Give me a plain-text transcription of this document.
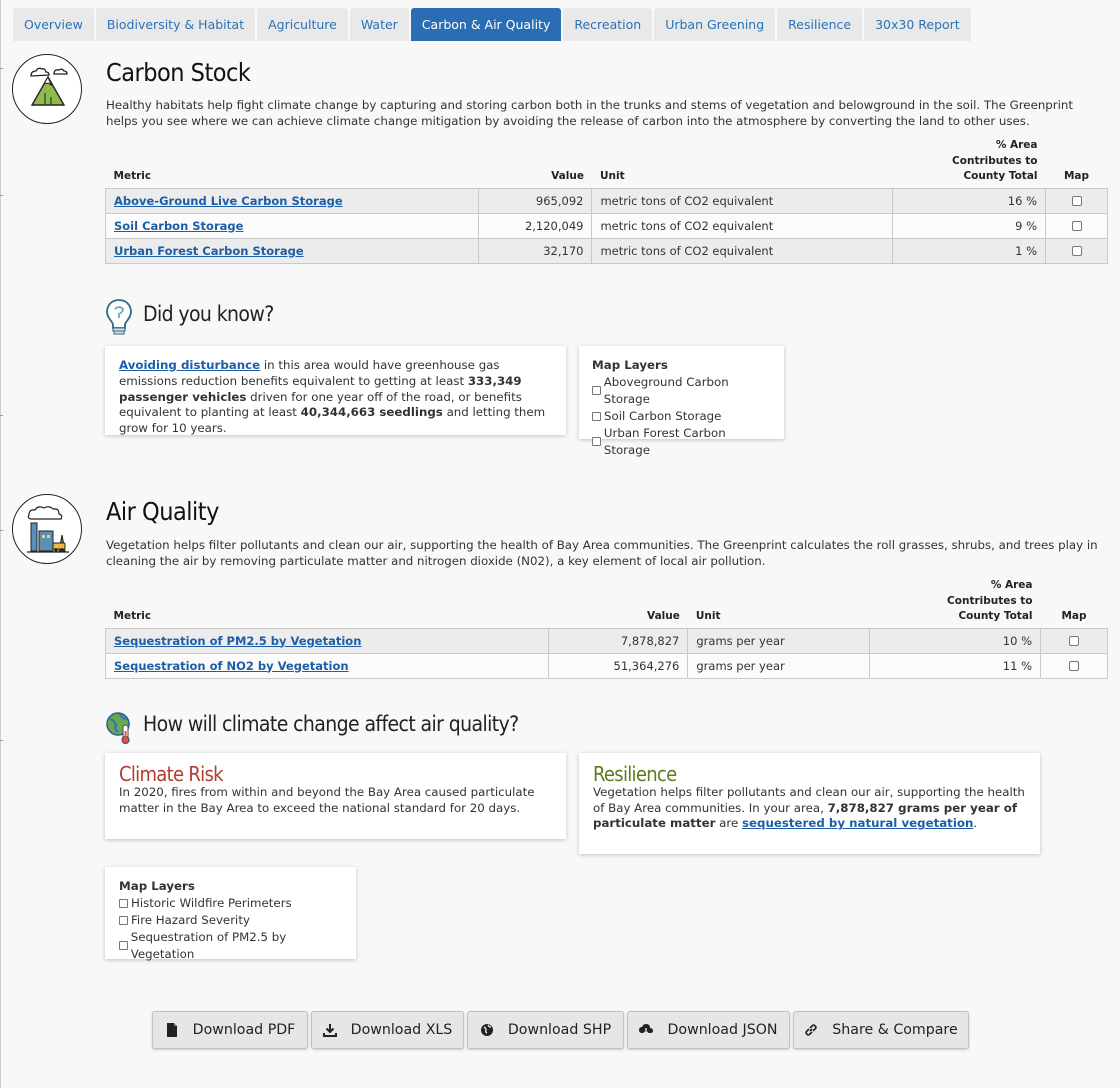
Overview	Biodiversity & Habitat	Agriculture	Water	Carbon & Air Quality	Recreation	Urban Greening	Resilience	30x30 Report
Carbon Stock

Healthy habitats help fight climate change by capturing and storing carbon both in the trunks and stems of vegetation and belowground in the soil. The Greenprint helps you see where we can achieve climate change mitigation by avoiding the release of carbon into the atmosphere by converting the land to other uses.

Metric	Value	Unit	% Area
Contributes to
County Total	Map
Above-Ground Live Carbon Storage	965,092	metric tons of CO2 equivalent	16 %	
Soil Carbon Storage	2,120,049	metric tons of CO2 equivalent	9 %	
Urban Forest Carbon Storage	32,170	metric tons of CO2 equivalent	1 %	
Did you know?
Avoiding disturbance in this area would have greenhouse gas emissions reduction benefits equivalent to getting at least 333,349 passenger vehicles driven for one year off of the road, or benefits equivalent to planting at least 40,344,663 seedlings and letting them grow for 10 years.
Map Layers
Aboveground Carbon Storage
Soil Carbon Storage
Urban Forest Carbon Storage
Air Quality

Vegetation helps filter pollutants and clean our air, supporting the health of Bay Area communities. The Greenprint calculates the roll grasses, shrubs, and trees play in cleaning the air by removing particulate matter and nitrogen dioxide (N02), a key element of local air pollution.

Metric	Value	Unit	% Area
Contributes to
County Total	Map
Sequestration of PM2.5 by Vegetation	7,878,827	grams per year	10 %	
Sequestration of NO2 by Vegetation	51,364,276	grams per year	11 %	
How will climate change affect air quality?
Climate Risk
In 2020, fires from within and beyond the Bay Area caused particulate matter in the Bay Area to exceed the national standard for 20 days.
Resilience
Vegetation helps filter pollutants and clean our air, supporting the health of Bay Area communities. In your area, 7,878,827 grams per year of particulate matter are sequestered by natural vegetation.
Map Layers
Historic Wildfire Perimeters
Fire Hazard Severity
Sequestration of PM2.5 by Vegetation
Download PDF	Download XLS	Download SHP	Download JSON	Share & Compare
